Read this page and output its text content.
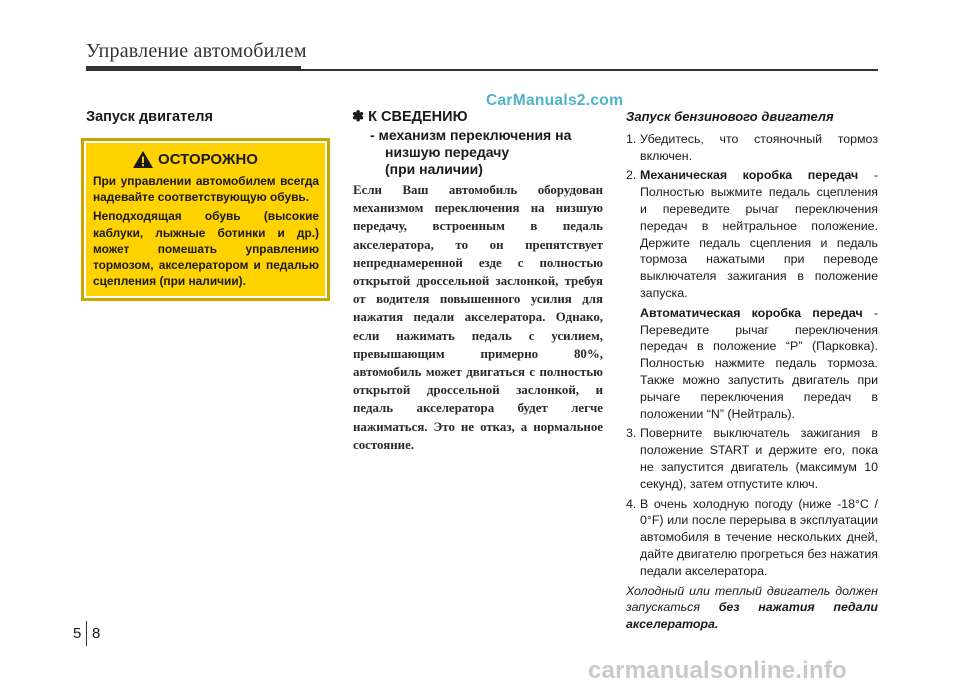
Управление автомобилем
Запуск двигателя
CarManuals2.com
ОСТОРОЖНО

При управлении автомобилем всегда надевайте соответствующую обувь.

Неподходящая обувь (высокие каблуки, лыжные ботинки и др.) может помешать управлению тормозом, акселератором и педалью сцепления (при наличии).

✽ К СВЕДЕНИЮ
- механизм переключения на
низшую передачу
(при наличии)
Если Ваш автомобиль оборудован механизмом переключения на низшую передачу, встроенным в педаль акселератора, то он препятствует непреднамеренной езде с полностью открытой дроссельной заслонкой, требуя от водителя повышенного усилия для нажатия педали акселератора. Однако, если нажимать педаль с усилием, превышающим примерно 80%, автомобиль может двигаться с полностью открытой дроссельной заслонкой, и педаль акселератора будет легче нажиматься. Это не отказ, а нормальное состояние.
Запуск бензинового двигателя
1. Убедитесь, что стояночный тормоз включен.
2. Механическая коробка передач - Полностью выжмите педаль сцепления и переведите рычаг переключения передач в нейтральное положение. Держите педаль сцепления и педаль тормоза нажатыми при переводе выключателя зажигания в положение запуска.
Автоматическая коробка передач - Переведите рычаг переключения передач в положение “P” (Парковка). Полностью нажмите педаль тормоза. Также можно запустить двигатель при рычаге переключения передач в положении “N” (Нейтраль).
3. Поверните выключатель зажигания в положение START и держите его, пока не запустится двигатель (максимум 10 секунд), затем отпустите ключ.
4. В очень холодную погоду (ниже -18°C / 0°F) или после перерыва в эксплуатации автомобиля в течение нескольких дней, дайте двигателю прогреться без нажатия педали акселератора.
Холодный или теплый двигатель должен запускаться без нажатия педали акселератора.
5 8
carmanualsonline.info
